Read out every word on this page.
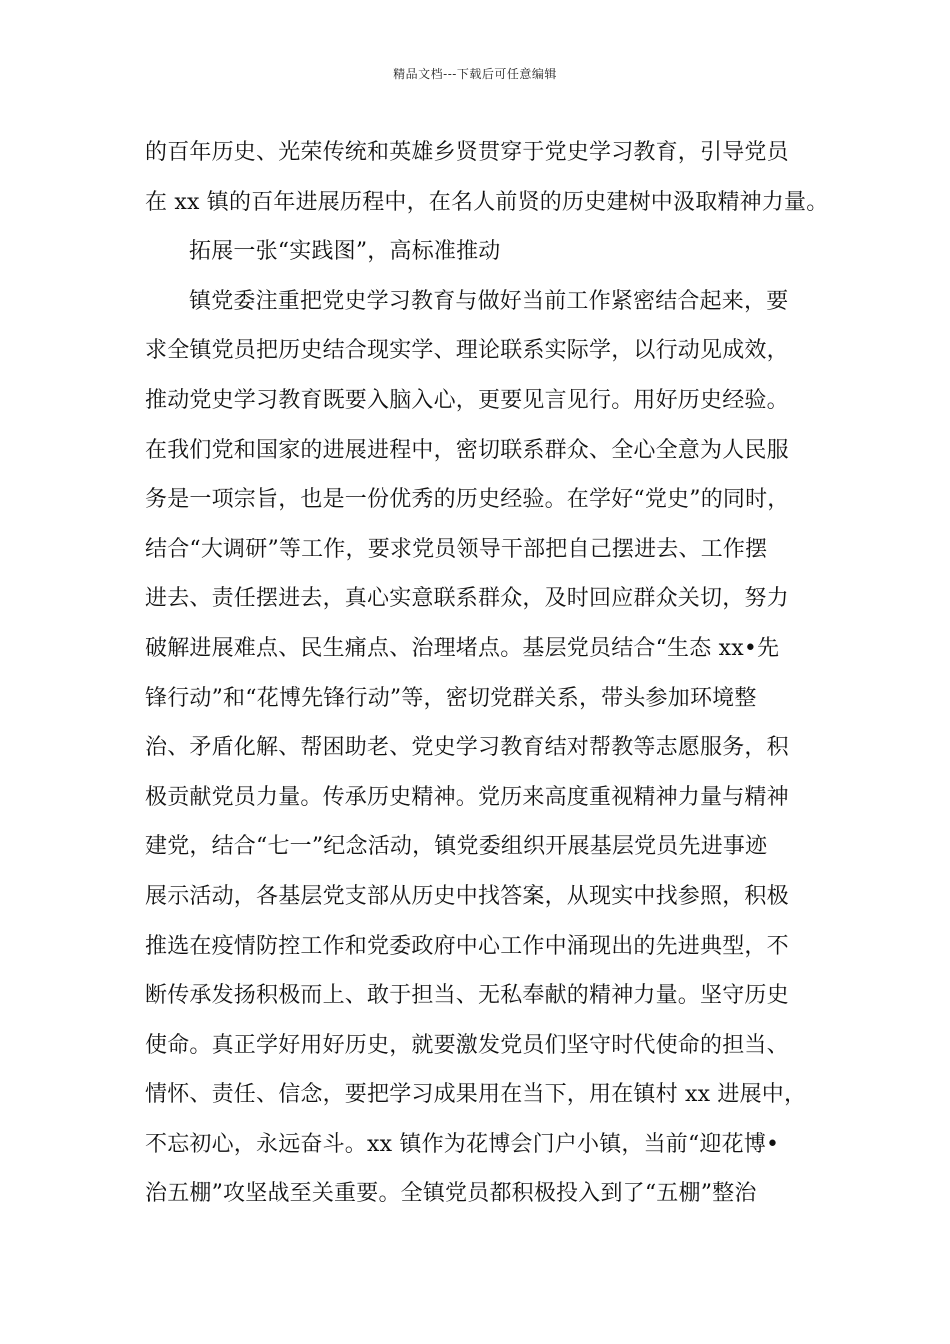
精品文档---下载后可任意编辑
的百年历史、光荣传统和英雄乡贤贯穿于党史学习教育，引导党员
在 xx 镇的百年进展历程中，在名人前贤的历史建树中汲取精神力量。
拓展一张“实践图”，高标准推动
镇党委注重把党史学习教育与做好当前工作紧密结合起来，要
求全镇党员把历史结合现实学、理论联系实际学，以行动见成效，
推动党史学习教育既要入脑入心，更要见言见行。用好历史经验。
在我们党和国家的进展进程中，密切联系群众、全心全意为人民服
务是一项宗旨，也是一份优秀的历史经验。在学好“党史”的同时，
结合“大调研”等工作，要求党员领导干部把自己摆进去、工作摆
进去、责任摆进去，真心实意联系群众，及时回应群众关切，努力
破解进展难点、民生痛点、治理堵点。基层党员结合“生态 xx•先
锋行动”和“花博先锋行动”等，密切党群关系，带头参加环境整
治、矛盾化解、帮困助老、党史学习教育结对帮教等志愿服务，积
极贡献党员力量。传承历史精神。党历来高度重视精神力量与精神
建党，结合“七一”纪念活动，镇党委组织开展基层党员先进事迹
展示活动，各基层党支部从历史中找答案，从现实中找参照，积极
推选在疫情防控工作和党委政府中心工作中涌现出的先进典型，不
断传承发扬积极而上、敢于担当、无私奉献的精神力量。坚守历史
使命。真正学好用好历史，就要激发党员们坚守时代使命的担当、
情怀、责任、信念，要把学习成果用在当下，用在镇村 xx 进展中，
不忘初心，永远奋斗。xx 镇作为花博会门户小镇，当前“迎花博•
治五棚”攻坚战至关重要。全镇党员都积极投入到了“五棚”整治
